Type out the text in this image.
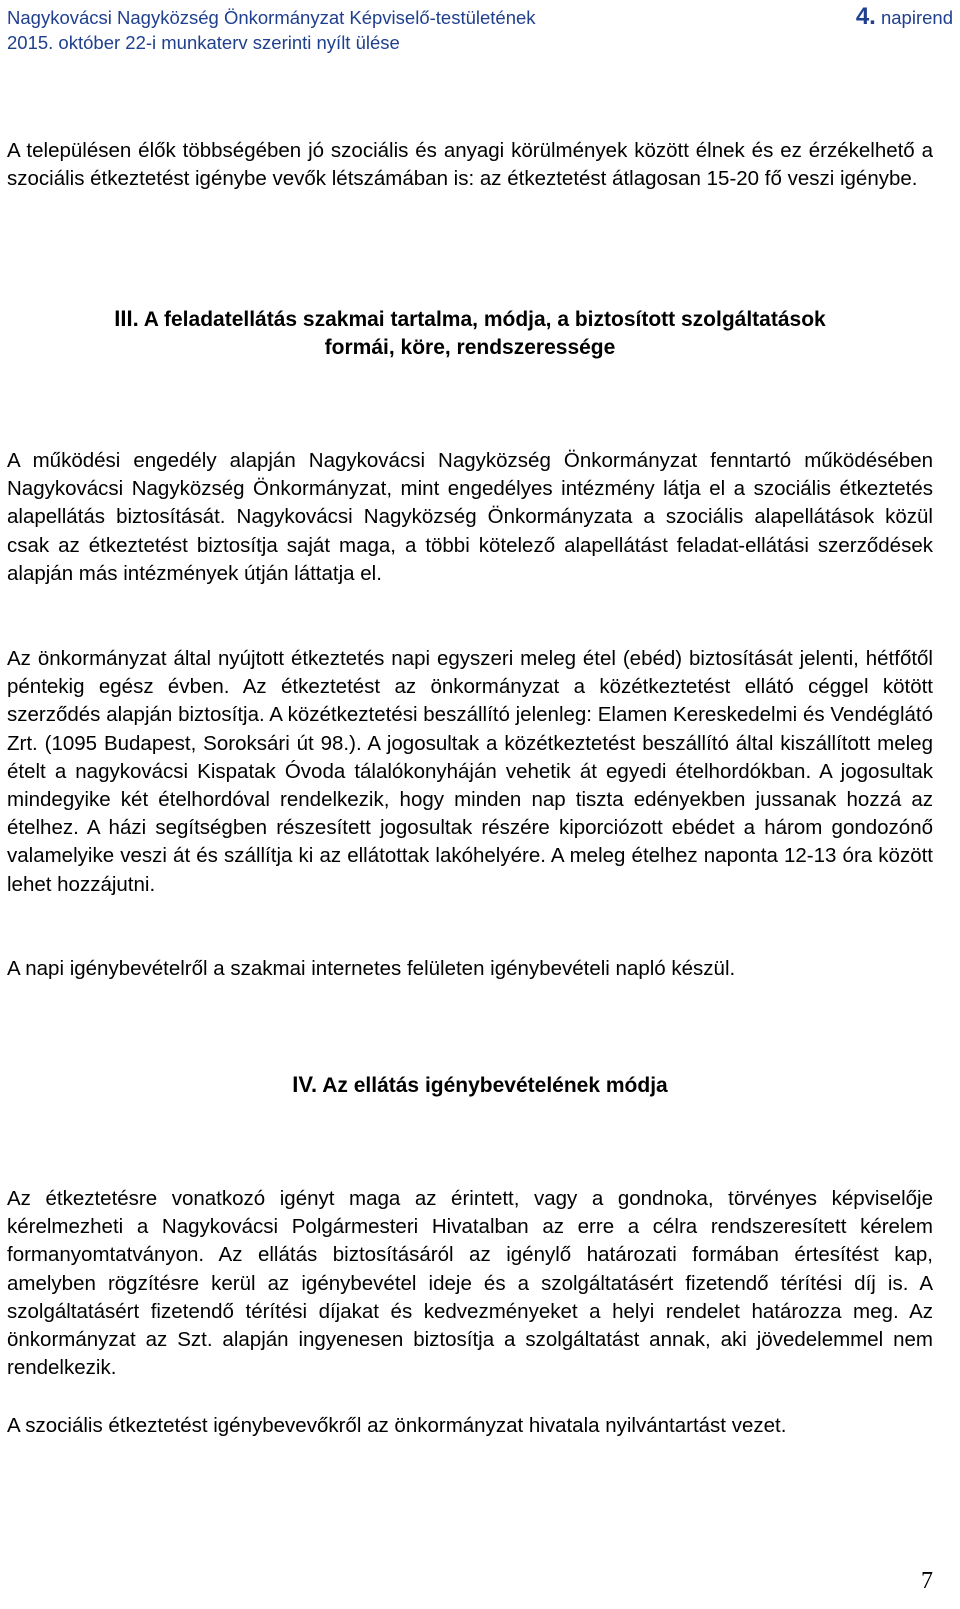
Nagykovácsi Nagyközség Önkormányzat Képviselő-testületének	4. napirend
2015. október 22-i munkaterv szerinti nyílt ülése

A településen élők többségében jó szociális és anyagi körülmények között élnek és ez érzékelhető a szociális étkeztetést igénybe vevők létszámában is: az étkeztetést átlagosan 15-20 fő veszi igénybe.

III. A feladatellátás szakmai tartalma, módja, a biztosított szolgáltatások
formái, köre, rendszeressége

A működési engedély alapján Nagykovácsi Nagyközség Önkormányzat fenntartó működésében Nagykovácsi Nagyközség Önkormányzat, mint engedélyes intézmény látja el a szociális étkeztetés alapellátás biztosítását. Nagykovácsi Nagyközség Önkormányzata a szociális alapellátások közül csak az étkeztetést biztosítja saját maga, a többi kötelező alapellátást feladat-ellátási szerződések alapján más intézmények útján láttatja el.

Az önkormányzat által nyújtott étkeztetés napi egyszeri meleg étel (ebéd) biztosítását jelenti, hétfőtől péntekig egész évben. Az étkeztetést az önkormányzat a közétkeztetést ellátó céggel kötött szerződés alapján biztosítja. A közétkeztetési beszállító jelenleg: Elamen Kereskedelmi és Vendéglátó Zrt. (1095 Budapest, Soroksári út 98.). A jogosultak a közétkeztetést beszállító által kiszállított meleg ételt a nagykovácsi Kispatak Óvoda tálalókonyháján vehetik át egyedi ételhordókban. A jogosultak mindegyike két ételhordóval rendelkezik, hogy minden nap tiszta edényekben jussanak hozzá az ételhez. A házi segítségben részesített jogosultak részére kiporciózott ebédet a három gondozónő valamelyike veszi át és szállítja ki az ellátottak lakóhelyére. A meleg ételhez naponta 12-13 óra között lehet hozzájutni.

A napi igénybevételről a szakmai internetes felületen igénybevételi napló készül.

IV. Az ellátás igénybevételének módja

Az étkeztetésre vonatkozó igényt maga az érintett, vagy a gondnoka, törvényes képviselője kérelmezheti a Nagykovácsi Polgármesteri Hivatalban az erre a célra rendszeresített kérelem formanyomtatványon. Az ellátás biztosításáról az igénylő határozati formában értesítést kap, amelyben rögzítésre kerül az igénybevétel ideje és a szolgáltatásért fizetendő térítési díj is. A szolgáltatásért fizetendő térítési díjakat és kedvezményeket a helyi rendelet határozza meg. Az önkormányzat az Szt. alapján ingyenesen biztosítja a szolgáltatást annak, aki jövedelemmel nem rendelkezik.

A szociális étkeztetést igénybevevőkről az önkormányzat hivatala nyilvántartást vezet.

7
